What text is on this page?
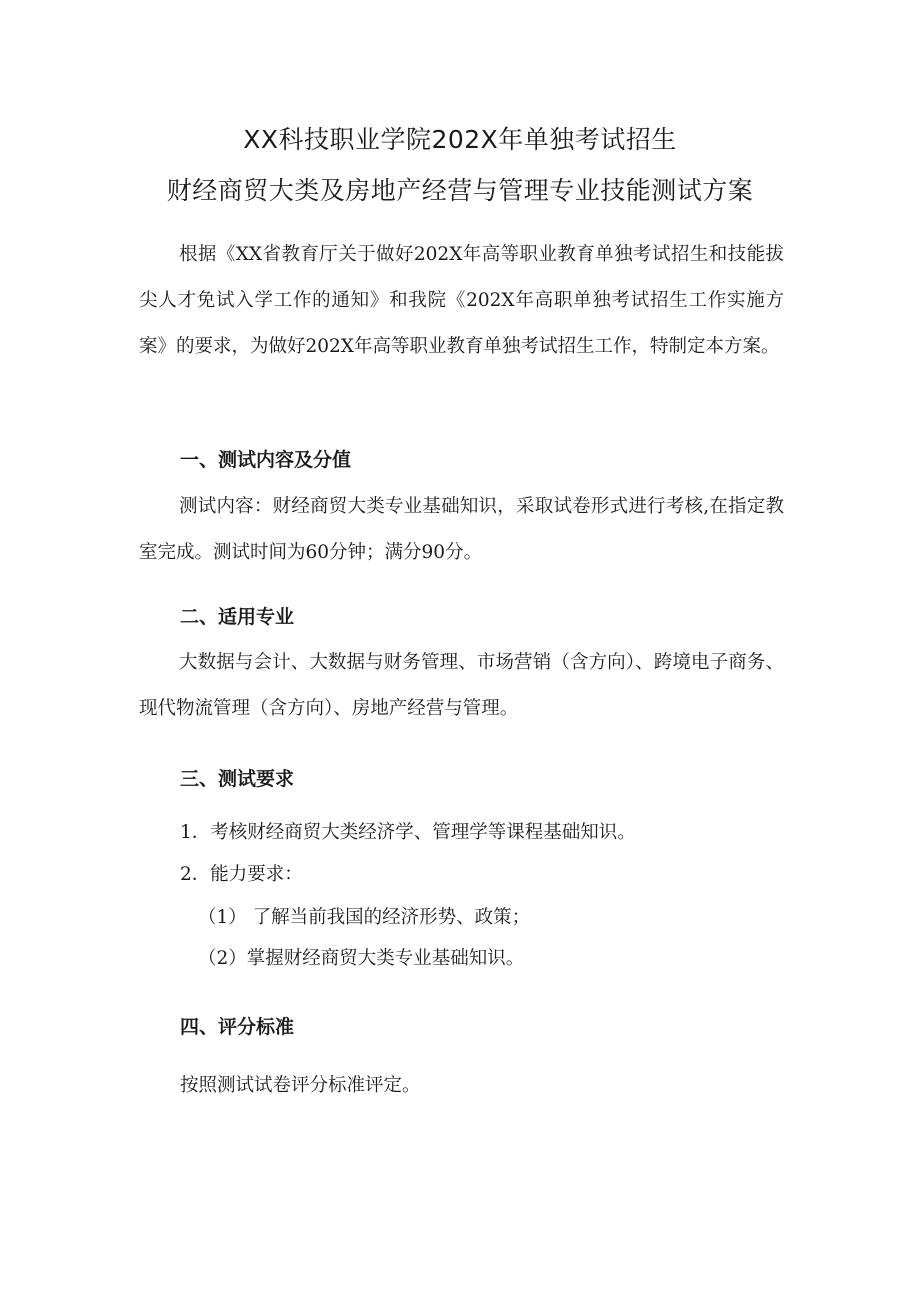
XX科技职业学院202X年单独考试招生
财经商贸大类及房地产经营与管理专业技能测试方案

根据《XX省教育厅关于做好202X年高等职业教育单独考试招生和技能拔尖人才免试入学工作的通知》和我院《202X年高职单独考试招生工作实施方案》的要求，为做好202X年高等职业教育单独考试招生工作，特制定本方案。

一、测试内容及分值

测试内容：财经商贸大类专业基础知识，采取试卷形式进行考核,在指定教室完成。测试时间为60分钟；满分90分。

二、适用专业

大数据与会计、大数据与财务管理、市场营销（含方向）、跨境电子商务、现代物流管理（含方向）、房地产经营与管理。

三、测试要求
1．考核财经商贸大类经济学、管理学等课程基础知识。
2．能力要求：
（1） 了解当前我国的经济形势、政策；
（2）掌握财经商贸大类专业基础知识。
四、评分标准
按照测试试卷评分标准评定。
